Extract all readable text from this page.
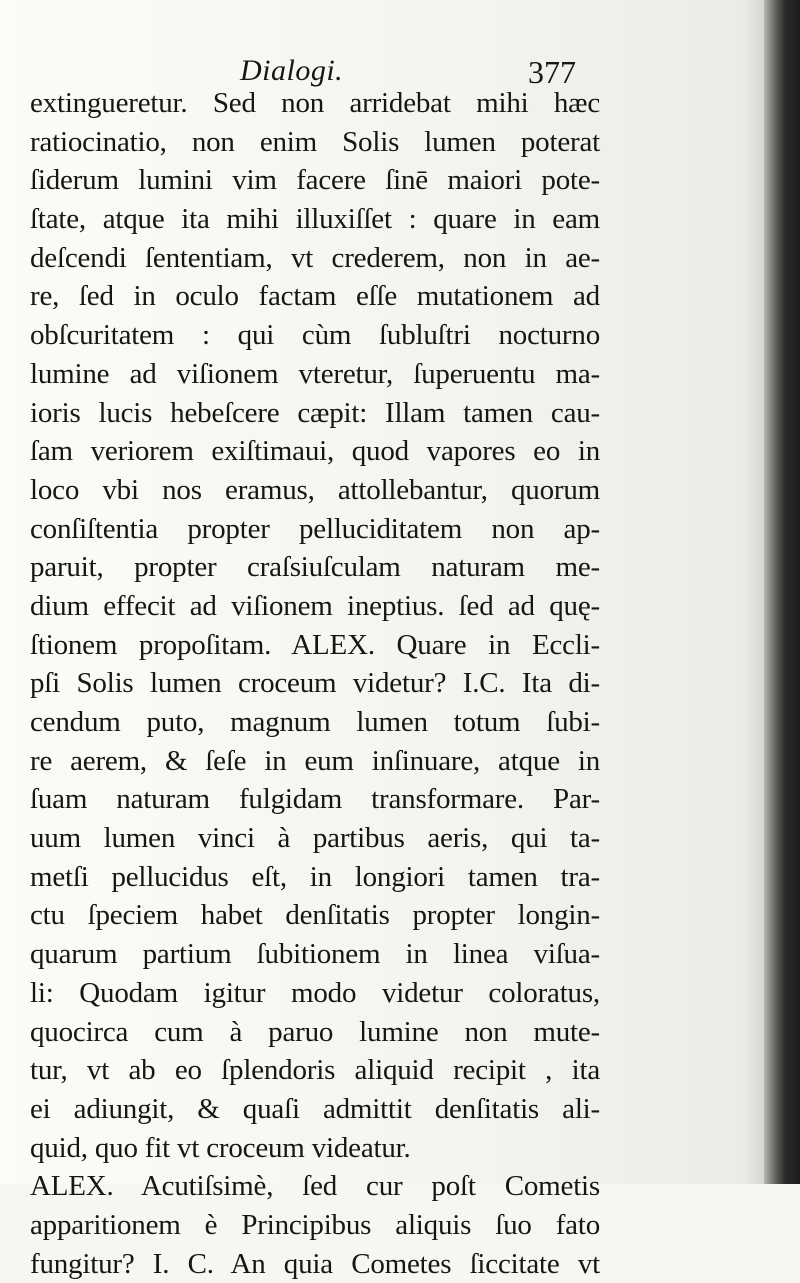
Dialogi.	377
extingueretur. Sed non arridebat mihi hæc
ratiocinatio, non enim Solis lumen poterat
ſiderum lumini vim facere ſinē maiori pote-
ſtate, atque ita mihi illuxiſſet : quare in eam
deſcendi ſententiam, vt crederem, non in ae-
re, ſed in oculo factam eſſe mutationem ad
obſcuritatem : qui cùm ſubluſtri nocturno
lumine ad viſionem vteretur, ſuperuentu ma-
ioris lucis hebeſcere cæpit: Illam tamen cau-
ſam veriorem exiſtimaui, quod vapores eo in
loco vbi nos eramus, attollebantur, quorum
conſiſtentia propter pelluciditatem non ap-
paruit, propter craſsiuſculam naturam me-
dium effecit ad viſionem ineptius. ſed ad quę-
ſtionem propoſitam. ALEX. Quare in Eccli-
pſi Solis lumen croceum videtur? I.C. Ita di-
cendum puto, magnum lumen totum ſubi-
re aerem, & ſeſe in eum inſinuare, atque in
ſuam naturam fulgidam transformare. Par-
uum lumen vinci à partibus aeris, qui ta-
metſi pellucidus eſt, in longiori tamen tra-
ctu ſpeciem habet denſitatis propter longin-
quarum partium ſubitionem in linea viſua-
li: Quodam igitur modo videtur coloratus,
quocirca cum à paruo lumine non mute-
tur, vt ab eo ſplendoris aliquid recipit , ita
ei adiungit, & quaſi admittit denſitatis ali-
quid, quo fit vt croceum videatur.
ALEX. Acutiſsimè, ſed cur poſt Cometis
apparitionem è Principibus aliquis ſuo fato
fungitur? I. C. An quia Cometes ſiccitate vt
